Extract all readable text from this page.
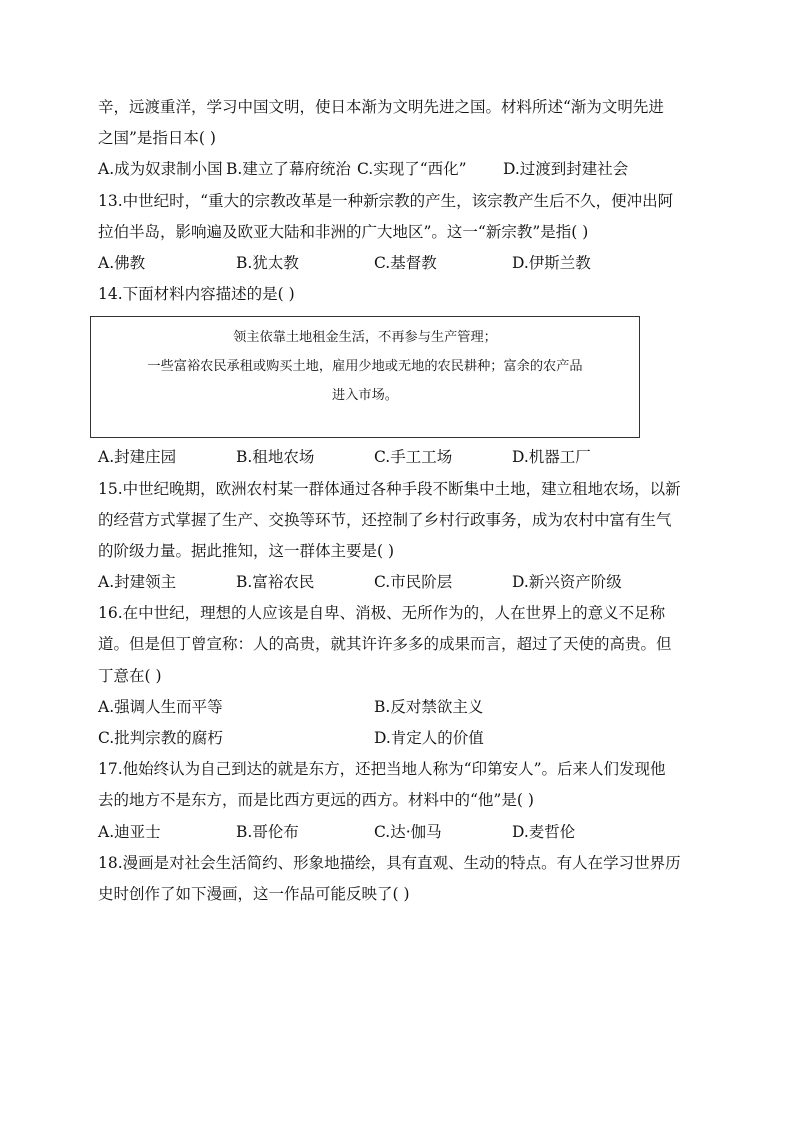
辛，远渡重洋，学习中国文明，使日本渐为文明先进之国。材料所述“渐为文明先进
之国”是指日本( )
A.成为奴隶制小国 B.建立了幕府统治 C.实现了“西化”	D.过渡到封建社会
13.中世纪时，“重大的宗教改革是一种新宗教的产生，该宗教产生后不久，便冲出阿
拉伯半岛，影响遍及欧亚大陆和非洲的广大地区”。这一“新宗教”是指( )
A.佛教	B.犹太教	C.基督教	D.伊斯兰教
14.下面材料内容描述的是( )
领主依靠土地租金生活，不再参与生产管理；
一些富裕农民承租或购买土地，雇用少地或无地的农民耕种；富余的农产品
进入市场。
A.封建庄园	B.租地农场	C.手工工场	D.机器工厂
15.中世纪晚期，欧洲农村某一群体通过各种手段不断集中土地，建立租地农场，以新
的经营方式掌握了生产、交换等环节，还控制了乡村行政事务，成为农村中富有生气
的阶级力量。据此推知，这一群体主要是( )
A.封建领主	B.富裕农民	C.市民阶层	D.新兴资产阶级
16.在中世纪，理想的人应该是自卑、消极、无所作为的，人在世界上的意义不足称
道。但是但丁曾宣称：人的高贵，就其许许多多的成果而言，超过了天使的高贵。但
丁意在( )
A.强调人生而平等	B.反对禁欲主义
C.批判宗教的腐朽	D.肯定人的价值
17.他始终认为自己到达的就是东方，还把当地人称为“印第安人”。后来人们发现他
去的地方不是东方，而是比西方更远的西方。材料中的“他”是( )
A.迪亚士	B.哥伦布	C.达·伽马	D.麦哲伦
18.漫画是对社会生活简约、形象地描绘，具有直观、生动的特点。有人在学习世界历
史时创作了如下漫画，这一作品可能反映了( )
